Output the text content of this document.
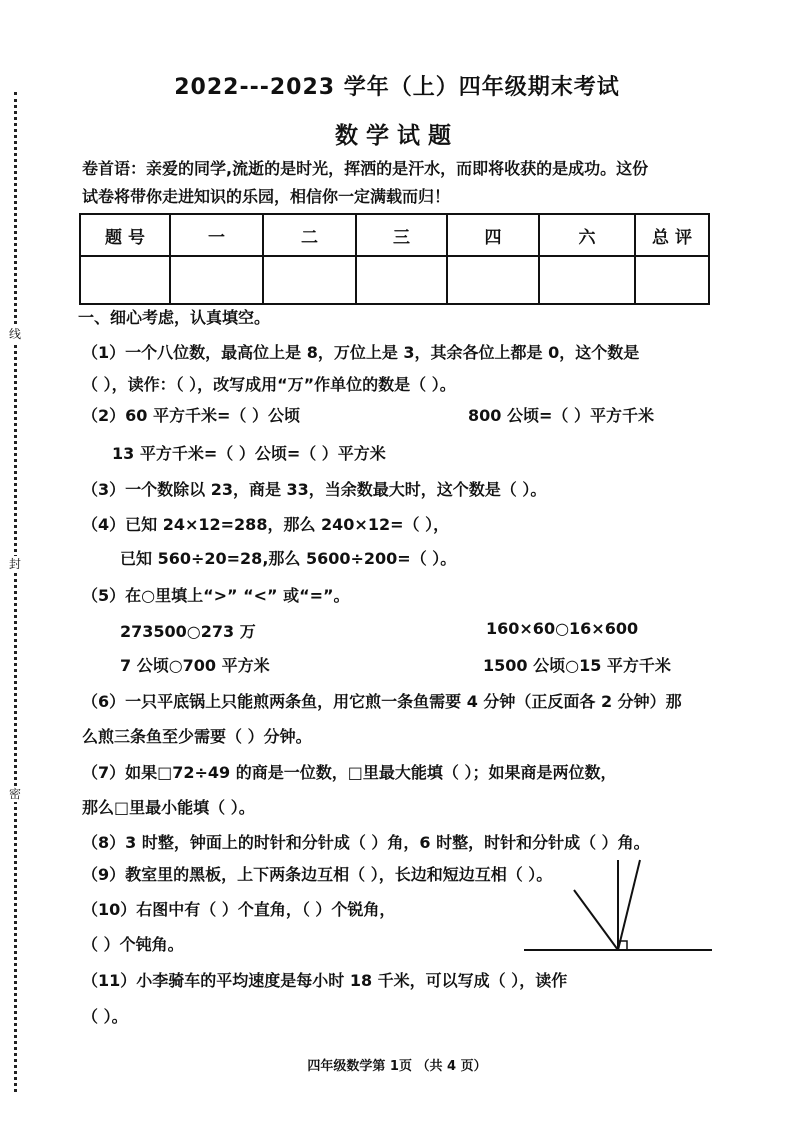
线
封
密
2022---2023 学年（上）四年级期末考试
数学试题
卷首语：亲爱的同学,流逝的是时光，挥洒的是汗水，而即将收获的是成功。这份
试卷将带你走进知识的乐园，相信你一定满载而归！
题 号	一	二	三	四	六	总 评

一、细心考虑，认真填空。
（1）一个八位数，最高位上是 8，万位上是 3，其余各位上都是 0，这个数是
（ ），读作：（ ），改写成用“万”作单位的数是（ ）。
（2）60 平方千米=（ ）公顷	800 公顷=（ ）平方千米
13 平方千米=（ ）公顷=（ ）平方米
（3）一个数除以 23，商是 33，当余数最大时，这个数是（ ）。
（4）已知 24×12=288，那么 240×12=（ ），
已知 560÷20=28,那么 5600÷200=（ ）。
（5）在○里填上“>” “<” 或“=”。
273500○273 万	160×60○16×600
7 公顷○700 平方米	1500 公顷○15 平方千米
（6）一只平底锅上只能煎两条鱼，用它煎一条鱼需要 4 分钟（正反面各 2 分钟）那
么煎三条鱼至少需要（ ）分钟。
（7）如果□72÷49 的商是一位数，□里最大能填（ ）；如果商是两位数，
那么□里最小能填（ ）。
（8）3 时整，钟面上的时针和分针成（ ）角，6 时整，时针和分针成（ ）角。
（9）教室里的黑板，上下两条边互相（ ），长边和短边互相（ ）。
（10）右图中有（ ）个直角，（ ）个锐角，
（ ）个钝角。
（11）小李骑车的平均速度是每小时 18 千米，可以写成（ ），读作
（ ）。
四年级数学第 1页 （共 4 页）
